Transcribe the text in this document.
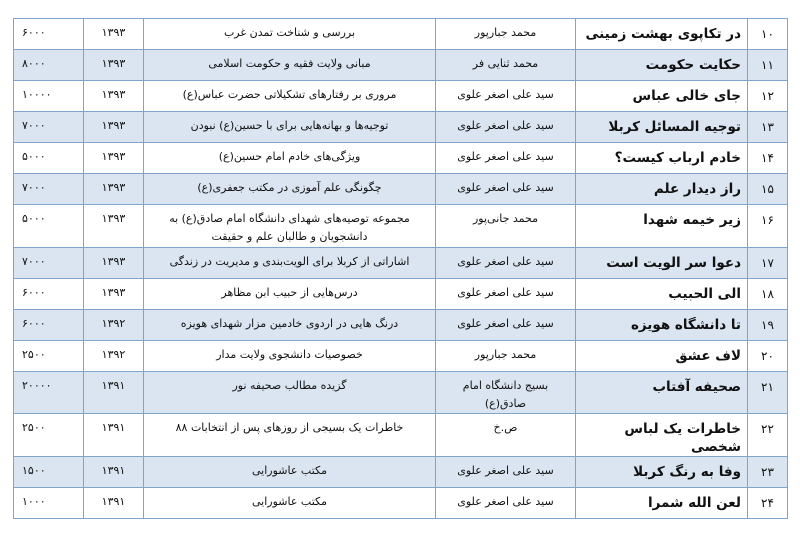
۱۰	در تکاپوی بهشت زمینی	محمد جبارپور	بررسی و شناخت تمدن غرب	۱۳۹۳	۶۰۰۰
۱۱	حکایت حکومت	محمد ثنایی فر	مبانی ولایت فقیه و حکومت اسلامی	۱۳۹۳	۸۰۰۰
۱۲	جای خالی عباس	سید علی اصغر علوی	مروری بر رفتارهای تشکیلاتی حضرت عباس(ع)	۱۳۹۳	۱۰۰۰۰
۱۳	توجیه المسائل کربلا	سید علی اصغر علوی	توجیه‌ها و بهانه‌هایی برای با حسین(ع) نبودن	۱۳۹۳	۷۰۰۰
۱۴	خادم ارباب کیست؟	سید علی اصغر علوی	ویژگی‌های خادم امام حسین(ع)	۱۳۹۳	۵۰۰۰
۱۵	راز دیدار علم	سید علی اصغر علوی	چگونگی علم آموزی در مکتب جعفری(ع)	۱۳۹۳	۷۰۰۰
۱۶	زیر خیمه شهدا	محمد جانی‌پور	مجموعه توصیه‌های شهدای دانشگاه امام صادق(ع) به دانشجویان و طالبان علم و حقیقت	۱۳۹۳	۵۰۰۰
۱۷	دعوا سر الویت است	سید علی اصغر علوی	اشاراتی از کربلا برای الویت‌بندی و مدیریت در زندگی	۱۳۹۳	۷۰۰۰
۱۸	الی الحبیب	سید علی اصغر علوی	درس‌هایی از حبیب ابن مظاهر	۱۳۹۳	۶۰۰۰
۱۹	تا دانشگاه هویزه	سید علی اصغر علوی	درنگ هایی در اردوی خادمین مزار شهدای هویزه	۱۳۹۲	۶۰۰۰
۲۰	لاف عشق	محمد جبارپور	خصوصیات دانشجوی ولایت مدار	۱۳۹۲	۲۵۰۰
۲۱	صحیفه آفتاب	بسیج دانشگاه امام صادق(ع)	گزیده مطالب صحیفه نور	۱۳۹۱	۲۰۰۰۰
۲۲	خاطرات یک لباس شخصی	ص.خ	خاطرات یک بسیجی از روزهای پس از انتخابات ۸۸	۱۳۹۱	۲۵۰۰
۲۳	وفا به رنگ کربلا	سید علی اصغر علوی	مکتب عاشورایی	۱۳۹۱	۱۵۰۰
۲۴	لعن الله شمرا	سید علی اصغر علوی	مکتب عاشورایی	۱۳۹۱	۱۰۰۰
